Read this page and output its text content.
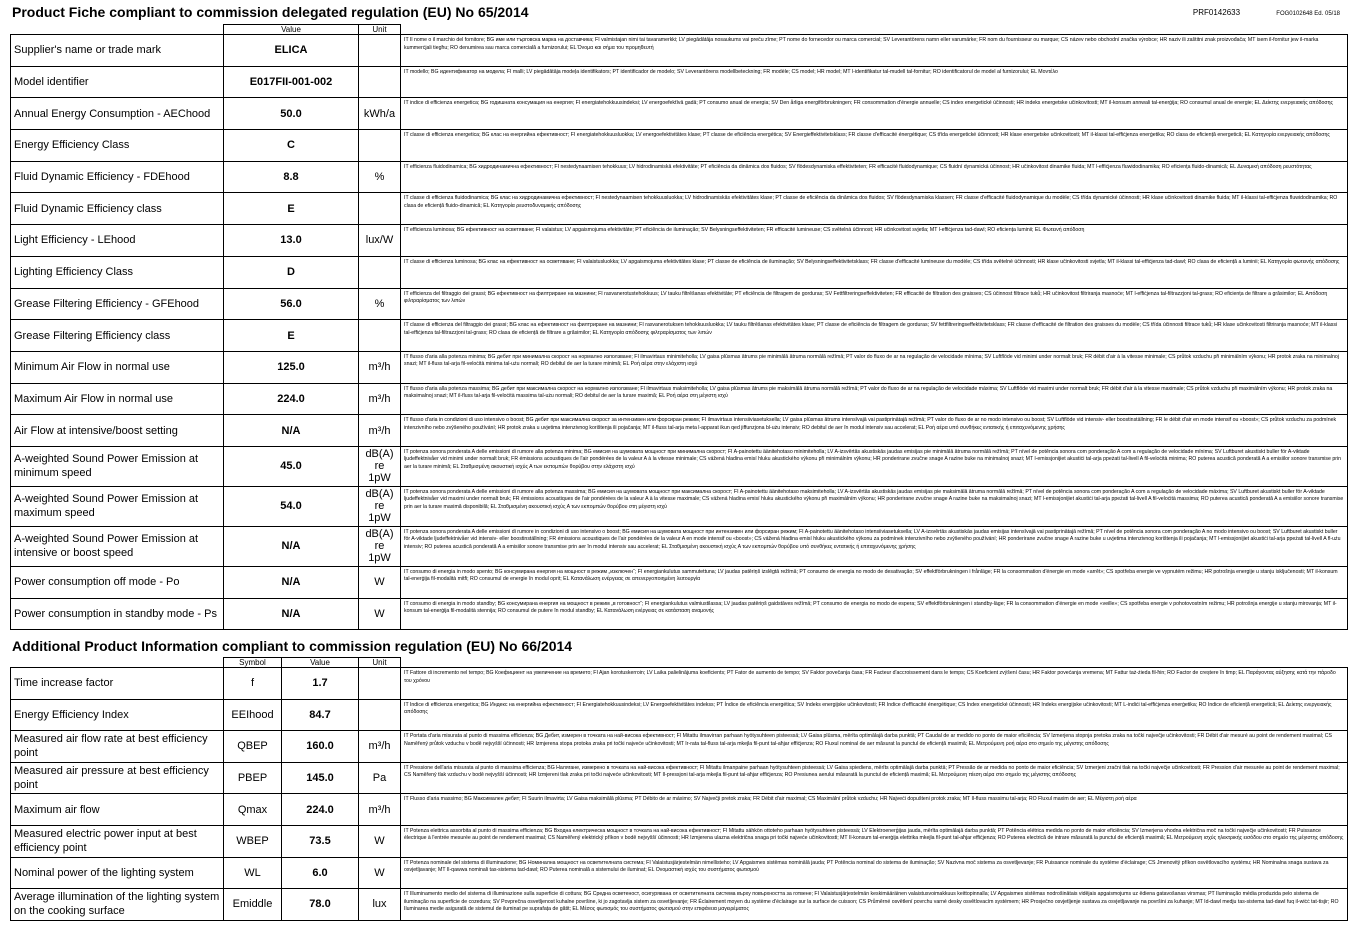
Product Fiche compliant to commission delegated regulation (EU) No 65/2014	PRF0142633	FOG0102648 Ed. 05/18
	Value	Unit	
Supplier's name or trade mark	ELICA		IT Il nome o il marchio del fornitore; BG име или търговска марка на доставчика; FI valmistajan nimi tai tavaramerkki; LV piegādātāja nosaukums vai preču zīme; PT nome do fornecedor ou marca comercial; SV Leverantörens namn eller varumärke; FR nom du fournisseur ou marque; CS název nebo obchodní značka výrobce; HR naziv ili zaštitni znak proizvođača; MT isem il-fornitur jew il-marka kummerċjali tiegħu; RO denumirea sau marca comercială a furnizorului; EL Όνομα και σήμα του προμηθευτή
Model identifier	E017FII-001-002		IT modello; BG идентификатор на модела; FI malli; LV piegādātāja modeļa identifikators; PT identificador de modelo; SV Leverantörens modellbeteckning; FR modèle; CS model; HR model; MT l-identifikatur tal-mudell tal-fornitur; RO identificatorul de model al furnizorului; EL Μοντέλο
Annual Energy Consumption - AEChood	50.0	kWh/a	IT indice di efficienza energetica; BG годишната консумация на енергия; FI energiatehokkuusindeksi; LV energoefektīvā gadā; PT consumo anual de energia; SV Den årliga energiförbrukningen; FR consommation d'énergie annuelle; CS index energetické účinnosti; HR indeks energetske učinkovitosti; MT il-konsum annwali tal-enerġija; RO consumul anual de energie; EL Δείκτης ενεργειακής απόδοσης
Energy Efficiency Class	C		IT classe di efficienza energetica; BG клас на енергийна ефективност; FI energiatehokkuusluokka; LV energoefektivitātes klase; PT classe de eficiência energética; SV Energieffektivitetsklass; FR classe d'efficacité énergétique; CS třída energetické účinnosti; HR klase energetske učinkovitosti; MT il-klassi tal-effiċjenza enerġetika; RO clasa de eficiență energetică; EL Κατηγορία ενεργειακής απόδοσης
Fluid Dynamic Efficiency - FDEhood	8.8	%	IT efficienza fluidodinamica; BG хидродинамична ефективност; FI nestedynaamisen tehokkuus; LV hidrodinamiskā efektivitāte; PT eficiência da dinâmica dos fluidos; SV flödesdynamiska effektiviteten; FR efficacité fluidodynamique; CS fluidní dynamická účinnost; HR učinkovitost dinamike fluida; MT l-effiċjenza fluwidodinamika; RO eficiența fluido-dinamică; EL Δυναμική απόδοση ρευστότητας
Fluid Dynamic Efficiency class	E		IT classe di efficienza fluidodinamica; BG клас на хидродинамична ефективност; FI nestedynaamisen tehokkuusluokka; LV hidrodinamiskās efektivitātes klase; PT classe de eficiência da dinâmica dos fluidos; SV flödesdynamiska klassen; FR classe d'efficacité fluidodynamique du modèle; CS třída dynamické účinnosti; HR klase učinkovitosti dinamike fluida; MT il-klassi tal-effiċjenza fluwidodinamika; RO clasa de eficiență fluido-dinamică; EL Κατηγορία ρευστοδυναμικής απόδοσης
Light Efficiency - LEhood	13.0	lux/W	IT efficienza luminosa; BG ефективност на осветяване; FI valaistus; LV apgaismojuma efektivitāte; PT eficiência de iluminação; SV Belysningseffektiviteten; FR efficacité lumineuse; CS světelná účinnost; HR učinkovitost svjetla; MT l-effiċjenza tad-dawl; RO eficiența luminii; EL Φωτεινή απόδοση
Lighting Efficiency Class	D		IT classe di efficienza luminosa; BG клас на ефективност на осветяване; FI valaistusluokka; LV apgaismojuma efektivitātes klase; PT classe de eficiência de iluminação; SV Belysningseffektivitetsklass; FR classe d'efficacité lumineuse du modèle; CS třída světelné účinnosti; HR klase učinkovitosti svjetla; MT il-klassi tal-effiċjenza tad-dawl; RO clasa de eficiență a luminii; EL Κατηγορία φωτεινής απόδοσης
Grease Filtering Efficiency - GFEhood	56.0	%	IT efficienza del filtraggio dei grassi; BG ефективност на филтриране на мазнини; FI rasvanerotustehokkuus; LV tauku filtrēšanas efektivitāte; PT eficiência de filtragem de gorduras; SV Fettfiltreringseffektiviteten; FR efficacité de filtration des graisses; CS účinnost filtrace tuků; HR učinkovitost filtriranja masnoće; MT l-effiċjenza tal-filtrazzjoni tal-grass; RO eficiența de filtrare a grăsimilor; EL Απόδοση φιλτραρίσματος των λιπών
Grease Filtering Efficiency class	E		IT classe di efficienza del filtraggio dei grassi; BG клас на ефективност на филтриране на мазнини; FI rasvanerotuksen tehokkuusluokka; LV tauku filtrēšanas efektivitātes klase; PT classe de eficiência de filtragem de gorduras; SV fettfiltreringseffektivitetsklass; FR classe d'efficacité de filtration des graisses du modèle; CS třída účinnosti filtrace tuků; HR klase učinkovitosti filtriranja masnoće; MT il-klassi tal-effiċjenza tal-filtrazzjoni tal-grass; RO clasa de eficiență de filtrare a grăsimilor; EL Κατηγορία απόδοσης φιλτραρίσματος των λιπών
Minimum Air Flow in normal use	125.0	m³/h	IT flusso d'aria alla potenza minima; BG дебит при минимална скорост на нормално използване; FI ilmavirtaus minimiteholla; LV gaisa plūsmas ātrums pie minimālā ātruma normālā režīmā; PT valor do fluxo de ar na regulação de velocidade mínima; SV Luftflöde vid minimi under normalt bruk; FR débit d'air à la vitesse minimale; CS průtok vzduchu při minimálním výkonu; HR protok zraka na minimalnoj snazi; MT il-fluss tal-arja fil-veloċità minima tal-użu normali; RO debitul de aer la turare minimă; EL Ροή αέρα στην ελάχιστη ισχύ
Maximum Air Flow in normal use	224.0	m³/h	IT flusso d'aria alla potenza massima; BG дебит при максимална скорост на нормално използване; FI ilmavirtaus maksimiteholla; LV gaisa plūsmas ātrums pie maksimālā ātruma normālā režīmā; PT valor do fluxo de ar na regulação de velocidade máxima; SV Luftflöde vid maximi under normalt bruk; FR débit d'air à la vitesse maximale; CS průtok vzduchu při maximálním výkonu; HR protok zraka na maksimalnoj snazi; MT il-fluss tal-arja fil-veloċità massima tal-użu normali; RO debitul de aer la turare maximă; EL Ροή αέρα στη μέγιστη ισχύ
Air Flow at intensive/boost setting	N/A	m³/h	IT flusso d'aria in condizioni di uso intensivo o boost; BG дебит при максимална скорост за интензивен или форсиран режим; FI ilmavirtaus intensiiviasetuksella; LV gaisa plūsmas ātrums intensīvajā vai pastiprinātajā režīmā; PT valor do fluxo de ar no modo intensivo ou boost; SV Luftflöde vid intensiv- eller boostinställning; FR le débit d'air en mode intensif ou «boost»; CS průtok vzduchu za podmínek intenzivního nebo zvýšeného používání; HR protok zraka u uvjetima intenzivnog korištenja ili pojačanja; MT il-fluss tal-arja meta l-apparat ikun qed jiffunzjona bl-użu intensiv; RO debitul de aer în modul intensiv sau accelerat; EL Ροή αέρα υπό συνθήκες εντατικής ή επιταχυνόμενης χρήσης
A-weighted Sound Power Emission at minimum speed	45.0	dB(A) re 1pW	IT potenza sonora ponderata A delle emissioni di rumore alla potenza minima; BG емисия на шумовата мощност при минимална скорост; FI A-painotettu äänitehotaso minimiteholla; LV A-izsvērtās akustiskās jaudas emisijas pie minimālā ātruma normālā režīmā; PT nível de potência sonora com ponderação A com a regulação de velocidade mínima; SV Luftburet akustiskt buller för A-viktade ljudeffektnivåer vid minimi under normalt bruk; FR émissions acoustiques de l'air pondérées de la valeur A à la vitesse minimale; CS vážená hladina emisí hluku akustického výkonu při minimálním výkonu; HR ponderirane zvučne snage A razine buke na minimalnoj snazi; MT l-emissjonijiet akustiċi tal-arja ppeżati tal-livell A fil-veloċità minima; RO puterea acustică ponderată A a emisiilor sonore transmise prin aer la turare minimă; EL Σταθμισμένη ακουστική ισχύς Α των εκπομπών θορύβου στην ελάχιστη ισχύ
A-weighted Sound Power Emission at maximum speed	54.0	dB(A) re 1pW	IT potenza sonora ponderata A delle emissioni di rumore alla potenza massima; BG емисия на шумовата мощност при максимална скорост; FI A-painotettu äänitehotaso maksimiteholla; LV A-izsvērtās akustiskās jaudas emisijas pie maksimālā ātruma normālā režīmā; PT nível de potência sonora com ponderação A com a regulação de velocidade máxima; SV Luftburet akustiskt buller för A-viktade ljudeffektnivåer vid maximi under normalt bruk; FR émissions acoustiques de l'air pondérées de la valeur A à la vitesse maximale; CS vážená hladina emisí hluku akustického výkonu při maximálním výkonu; HR ponderirane zvučne snage A razine buke na maksimalnoj snazi; MT l-emissjonijiet akustiċi tal-arja ppeżati tal-livell A fil-veloċità massima; RO puterea acustică ponderată A a emisiilor sonore transmise prin aer la turare maximă disponibilă; EL Σταθμισμένη ακουστική ισχύς Α των εκπομπών θορύβου στη μέγιστη ισχύ
A-weighted Sound Power Emission at intensive or boost speed	N/A	dB(A) re 1pW	IT potenza sonora ponderata A delle emissioni di rumore in condizioni di uso intensivo o boost; BG емисия на шумовата мощност при интензивен или форсиран режим; FI A-painotettu äänitehotaso intensiiviasetuksella; LV A-izsvērtās akustiskās jaudas emisijas intensīvajā vai pastiprinātajā režīmā; PT nível de potência sonora com ponderação A no modo intensivo ou boost; SV Luftburet akustiskt buller för A-viktade ljudeffektnivåer vid intensiv- eller boostinställning; FR émissions acoustiques de l'air pondérées de la valeur A en mode intensif ou «boost»; CS vážená hladina emisí hluku akustického výkonu za podmínek intenzivního nebo zvýšeného používání; HR ponderirane zvučne snage A razine buke u uvjetima intenzivnog korištenja ili pojačanja; MT l-emissjonijiet akustiċi tal-arja ppeżati tal-livell A fl-użu intensiv; RO puterea acustică ponderată A a emisiilor sonore transmise prin aer în modul intensiv sau accelerat; EL Σταθμισμένη ακουστική ισχύς Α των εκπομπών θορύβου υπό συνθήκες εντατικής ή επιταχυνόμενης χρήσης
Power consumption off mode - Po	N/A	W	IT consumo di energia in modo spento; BG консумирана енергия на мощност в режим „изключен“; FI energiankulutus sammutettuna; LV jaudas patēriņš izslēgtā režīmā; PT consumo de energia no modo de desativação; SV effektförbrukningen i frånläge; FR la consommation d'énergie en mode «arrêt»; CS spotřeba energie ve vypnutém režimu; HR potrošnja energije u stanju isključenosti; MT il-konsum tal-enerġija fil-modalità mitfi; RO consumul de energie în modul oprit; EL Κατανάλωση ενέργειας σε απενεργοποιημένη λειτουργία
Power consumption in standby mode - Ps	N/A	W	IT consumo di energia in modo standby; BG консумирана енергия на мощност в режим „в готовност“; FI energiankulutus valmiustilassa; LV jaudas patēriņš gaidstāves režīmā; PT consumo de energia no modo de espera; SV effektförbrukningen i standby-läge; FR la consommation d'énergie en mode «veille»; CS spotřeba energie v pohotovostním režimu; HR potrošnja energije u stanju mirovanja; MT il-konsum tal-enerġija fil-modalità stennija; RO consumul de putere în modul standby; EL Κατανάλωση ενέργειας σε κατάσταση αναμονής
Additional Product Information compliant to commission regulation (EU) No 66/2014
	Symbol	Value	Unit	
Time increase factor	f	1.7		IT Fattore di incremento nel tempo; BG Коефициент на увеличение на времето; FI Ajan korotuskerroin; LV Laika palielinājuma koeficients; PT Fator de aumento de tempo; SV Faktor povečanja časa; FR Facteur d'accroissement dans le temps; CS Koeficient zvýšení času; HR Faktor povećanja vremena; MT Fattur taż-żieda fil-ħin; RO Factor de creștere în timp; EL Παράγοντας αύξησης κατά την πάροδο του χρόνου
Energy Efficiency Index	EEIhood	84.7		IT Indice di efficienza energetica; BG Индекс на енергийна ефективност; FI Energiatehokkuusindeksi; LV Energoefektivitātes indekss; PT Índice de eficiência energética; SV Indeks energijske učinkovitosti; FR Indice d'efficacité énergétique; CS Index energetické účinnosti; HR Indeks energijske učinkovitosti; MT L-indiċi tal-effiċjenza enerġetika; RO Indice de eficiență energetică; EL Δείκτης ενεργειακής απόδοσης
Measured air flow rate at best efficiency point	QBEP	160.0	m³/h	IT Portata d'aria misurata al punto di massima efficienza; BG Дебит, измерен в точката на най-висока ефективност; FI Mitattu ilmavirran parhaan hyötysuhteen pisteessä; LV Gaisa plūsma, mērīta optimālajā darba punktā; PT Caudal de ar medido no ponto de maior eficiência; SV Izmerjena stopnja pretoka zraka na točki največje učinkovitosti; FR Débit d'air mesuré au point de rendement maximal; CS Naměřený průtok vzduchu v bodě nejvyšší účinnosti; HR Izmjerena stopa protoka zraka pri točki najveće učinkovitosti; MT Ir-rata tal-fluss tal-arja mkejla fil-punt tal-aħjar effiċjenza; RO Fluxul nominal de aer măsurat la punctul de eficiență maximă; EL Μετρούμενη ροή αέρα στο σημείο της μέγιστης απόδοσης
Measured air pressure at best efficiency point	PBEP	145.0	Pa	IT Pressione dell'aria misurata al punto di massima efficienza; BG Налягане, измерено в точката на най-висока ефективност; FI Mitattu ilmanpaine parhaan hyötysuhteen pisteessä; LV Gaisa spiediens, mērīts optimālajā darba punktā; PT Pressão de ar medida no ponto de maior eficiência; SV Izmerjeni zračni tlak na točki največje učinkovitosti; FR Pression d'air mesurée au point de rendement maximal; CS Naměřený tlak vzduchu v bodě nejvyšší účinnosti; HR Izmjereni tlak zraka pri točki najveće učinkovitosti; MT Il-pressjoni tal-arja mkejla fil-punt tal-aħjar effiċjenza; RO Presiunea aerului măsurată la punctul de eficiență maximă; EL Μετρούμενη πίεση αέρα στο σημείο της μέγιστης απόδοσης
Maximum air flow	Qmax	224.0	m³/h	IT Flusso d'aria massimo; BG Максимален дебит; FI Suurin ilmavirta; LV Gaisa maksimālā plūsma; PT Débito de ar máximo; SV Največji pretok zraka; FR Débit d'air maximal; CS Maximální průtok vzduchu; HR Najveći dopušteni protok zraka; MT Il-fluss massimu tal-arja; RO Fluxul maxim de aer; EL Μέγιστη ροή αέρα
Measured electric power input at best efficiency point	WBEP	73.5	W	IT Potenza elettrica assorbita al punto di massima efficienza; BG Входна електрическа мощност в точката на най-висока ефективност; FI Mitattu sähkön ottoteho parhaan hyötysuhteen pisteessä; LV Elektroenerģijas jauda, mērīta optimālajā darba punktā; PT Potência elétrica medida no ponto de maior eficiência; SV Izmerjena vhodna električna moč na točki največje učinkovitosti; FR Puissance électrique à l'entrée mesurée au point de rendement maximal; CS Naměřený elektrický příkon v bodě nejvyšší účinnosti; HR Izmjerena ulazna električna snaga pri točki najveće učinkovitosti; MT Il-konsum tal-enerġija elettrika mkejla fil-punt tal-aħjar effiċjenza; RO Puterea electrică de intrare măsurată la punctul de eficiență maximă; EL Μετρούμενη ισχύς ηλεκτρικής εισόδου στο σημείο της μέγιστης απόδοσης
Nominal power of the lighting system	WL	6.0	W	IT Potenza nominale del sistema di illuminazione; BG Номинална мощност на осветителната система; FI Valaistusjärjestelmän nimellisteho; LV Apgaismes sistēmas nominālā jauda; PT Potência nominal do sistema de iluminação; SV Nazivna moč sistema za osvetljevanje; FR Puissance nominale du système d'éclairage; CS Jmenovitý příkon osvětlovacího systému; HR Nominalna snaga sustava za osvjetljavanje; MT Il-qawwa nominali tas-sistema tad-dawl; RO Puterea nominală a sistemului de iluminat; EL Ονομαστική ισχύς του συστήματος φωτισμού
Average illumination of the lighting system on the cooking surface	Emiddle	78.0	lux	IT Illuminamento medio del sistema di illuminazione sulla superficie di cottura; BG Средна осветеност, осигурявана от осветителната система върху повърхността за готвене; FI Valaistusjärjestelmän keskimääräinen valaistusvoimakkuus keittopinnalla; LV Apgaismes sistēmas nodrošinātais vidējais apgaismojums uz ēdiena gatavošanas virsmas; PT Iluminação média produzida pelo sistema de iluminação na superfície de cozedura; SV Povprečna osvetljenost kuhalne površine, ki jo zagotavlja sistem za osvetljevanje; FR Éclairement moyen du système d'éclairage sur la surface de cuisson; CS Průměrné osvětlení povrchu varné desky osvětlovacím systémem; HR Prosječno osvjetljenje sustava za osvjetljavanje na površini za kuhanje; MT Id-dawl medju tas-sistema tad-dawl fuq il-wiċċ tat-tisjir; RO Iluminarea medie asigurată de sistemul de iluminat pe suprafața de gătit; EL Μέσος φωτισμός του συστήματος φωτισμού στην επιφάνεια μαγειρέματος
